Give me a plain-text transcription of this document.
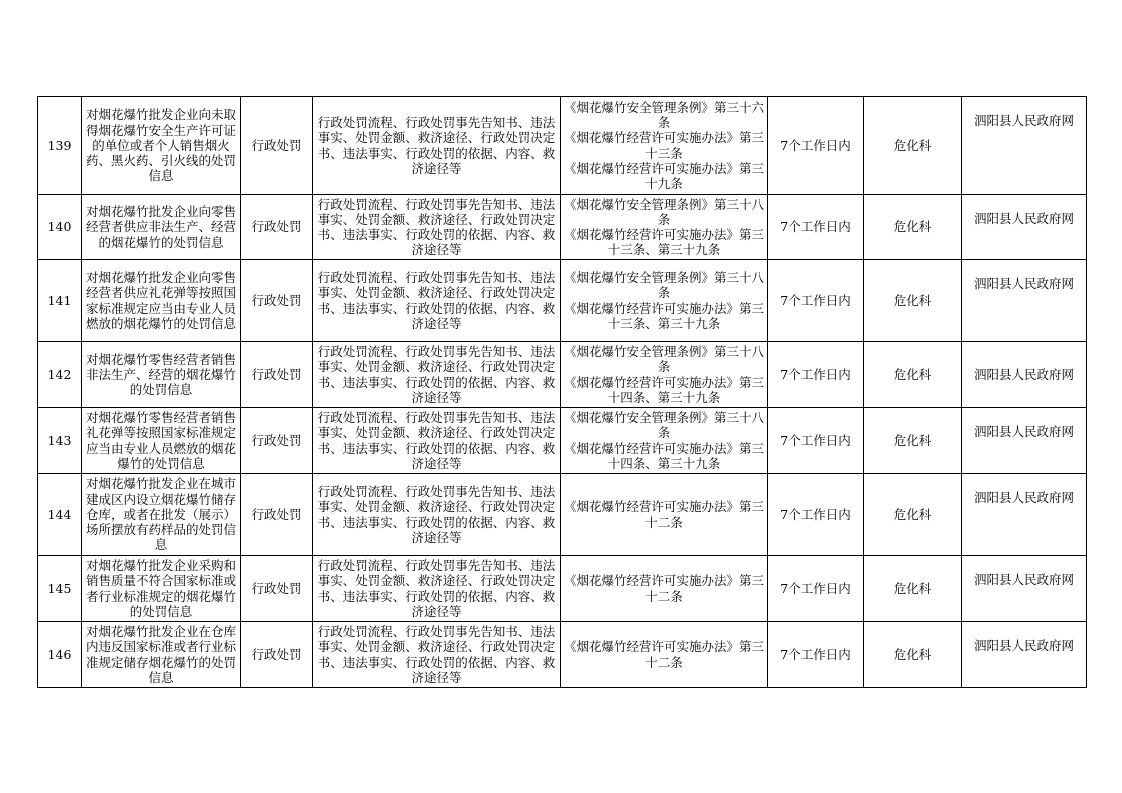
139	对烟花爆竹批发企业向未取得烟花爆竹安全生产许可证的单位或者个人销售烟火药、黑火药、引火线的处罚信息	行政处罚	行政处罚流程、行政处罚事先告知书、违法事实、处罚金额、救济途径、行政处罚决定书、违法事实、行政处罚的依据、内容、救济途径等	《烟花爆竹安全管理条例》第三十六条
《烟花爆竹经营许可实施办法》第三十三条
《烟花爆竹经营许可实施办法》第三十九条	7个工作日内	危化科	泗阳县人民政府网
140	对烟花爆竹批发企业向零售经营者供应非法生产、经营的烟花爆竹的处罚信息	行政处罚	行政处罚流程、行政处罚事先告知书、违法事实、处罚金额、救济途径、行政处罚决定书、违法事实、行政处罚的依据、内容、救济途径等	《烟花爆竹安全管理条例》第三十八条
《烟花爆竹经营许可实施办法》第三十三条、第三十九条	7个工作日内	危化科	泗阳县人民政府网
141	对烟花爆竹批发企业向零售经营者供应礼花弹等按照国家标准规定应当由专业人员燃放的烟花爆竹的处罚信息	行政处罚	行政处罚流程、行政处罚事先告知书、违法事实、处罚金额、救济途径、行政处罚决定书、违法事实、行政处罚的依据、内容、救济途径等	《烟花爆竹安全管理条例》第三十八条
《烟花爆竹经营许可实施办法》第三十三条、第三十九条	7个工作日内	危化科	泗阳县人民政府网
142	对烟花爆竹零售经营者销售非法生产、经营的烟花爆竹的处罚信息	行政处罚	行政处罚流程、行政处罚事先告知书、违法事实、处罚金额、救济途径、行政处罚决定书、违法事实、行政处罚的依据、内容、救济途径等	《烟花爆竹安全管理条例》第三十八条
《烟花爆竹经营许可实施办法》第三十四条、第三十九条	7个工作日内	危化科	泗阳县人民政府网
143	对烟花爆竹零售经营者销售礼花弹等按照国家标准规定应当由专业人员燃放的烟花爆竹的处罚信息	行政处罚	行政处罚流程、行政处罚事先告知书、违法事实、处罚金额、救济途径、行政处罚决定书、违法事实、行政处罚的依据、内容、救济途径等	《烟花爆竹安全管理条例》第三十八条
《烟花爆竹经营许可实施办法》第三十四条、第三十九条	7个工作日内	危化科	泗阳县人民政府网
144	对烟花爆竹批发企业在城市建成区内设立烟花爆竹储存仓库，或者在批发（展示）场所摆放有药样品的处罚信息	行政处罚	行政处罚流程、行政处罚事先告知书、违法事实、处罚金额、救济途径、行政处罚决定书、违法事实、行政处罚的依据、内容、救济途径等	《烟花爆竹经营许可实施办法》第三十二条	7个工作日内	危化科	泗阳县人民政府网
145	对烟花爆竹批发企业采购和销售质量不符合国家标准或者行业标准规定的烟花爆竹的处罚信息	行政处罚	行政处罚流程、行政处罚事先告知书、违法事实、处罚金额、救济途径、行政处罚决定书、违法事实、行政处罚的依据、内容、救济途径等	《烟花爆竹经营许可实施办法》第三十二条	7个工作日内	危化科	泗阳县人民政府网
146	对烟花爆竹批发企业在仓库内违反国家标准或者行业标准规定储存烟花爆竹的处罚信息	行政处罚	行政处罚流程、行政处罚事先告知书、违法事实、处罚金额、救济途径、行政处罚决定书、违法事实、行政处罚的依据、内容、救济途径等	《烟花爆竹经营许可实施办法》第三十二条	7个工作日内	危化科	泗阳县人民政府网
